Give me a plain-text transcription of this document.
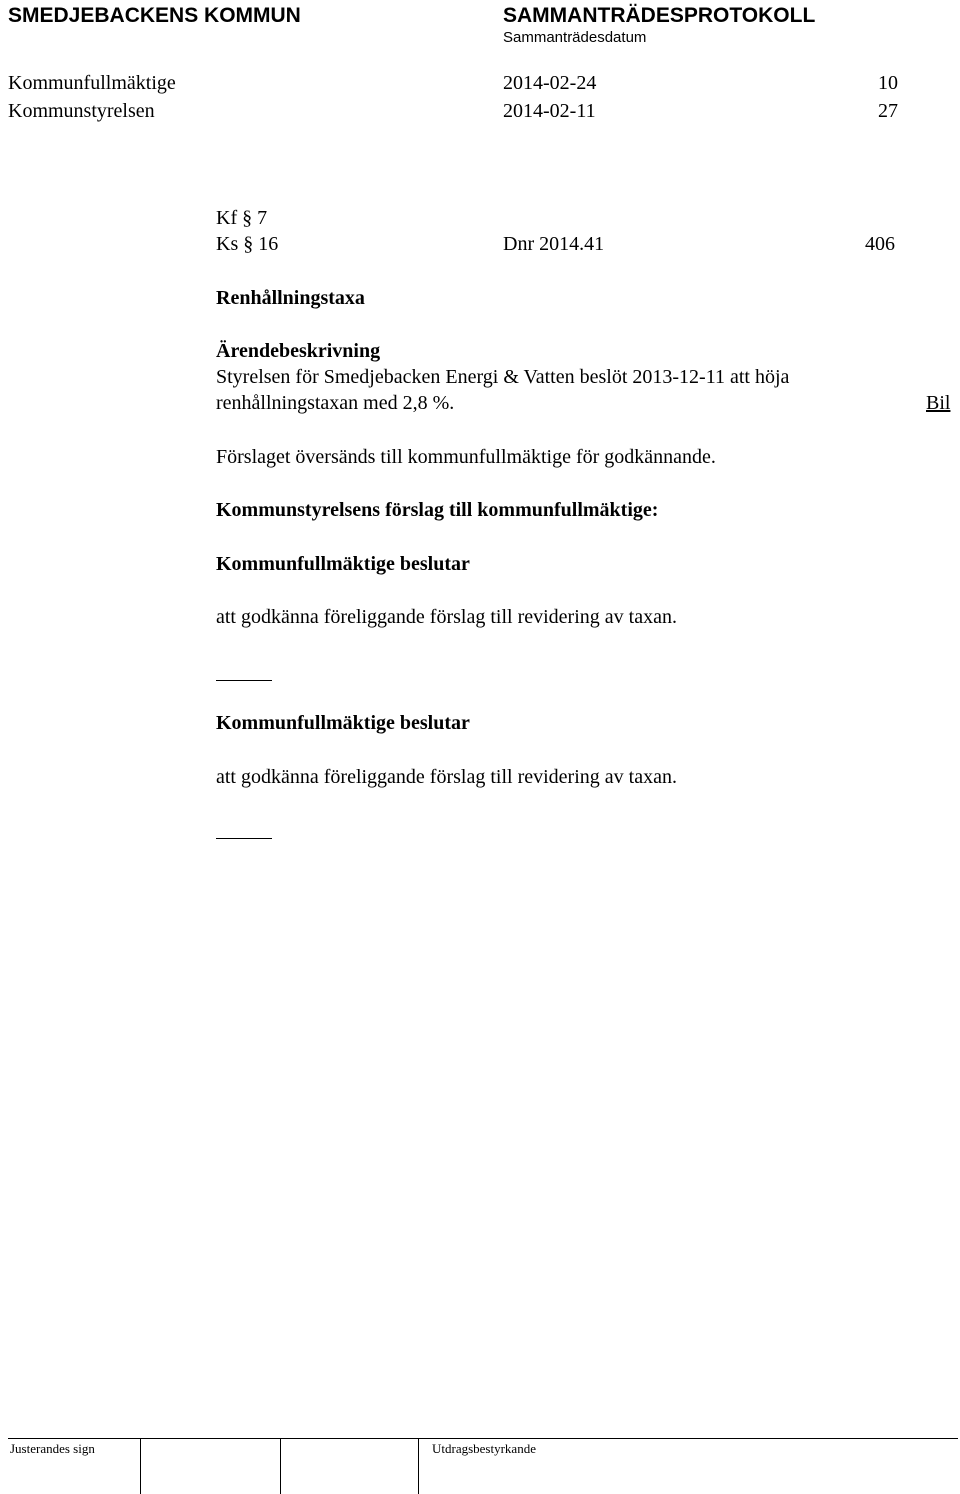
SMEDJEBACKENS KOMMUN	SAMMANTRÄDESPROTOKOLL
Sammanträdesdatum
Kommunfullmäktige	2014-02-24	10
Kommunstyrelsen	2014-02-11	27
Kf § 7
Ks § 16	Dnr 2014.41	406
Renhållningstaxa
Ärendebeskrivning
Styrelsen för Smedjebacken Energi & Vatten beslöt 2013-12-11 att höja
renhållningstaxan med 2,8 %.	Bil
Förslaget översänds till kommunfullmäktige för godkännande.
Kommunstyrelsens förslag till kommunfullmäktige:
Kommunfullmäktige beslutar
att godkänna föreliggande förslag till revidering av taxan.
Kommunfullmäktige beslutar
att godkänna föreliggande förslag till revidering av taxan.
Justerandes sign	Utdragsbestyrkande
